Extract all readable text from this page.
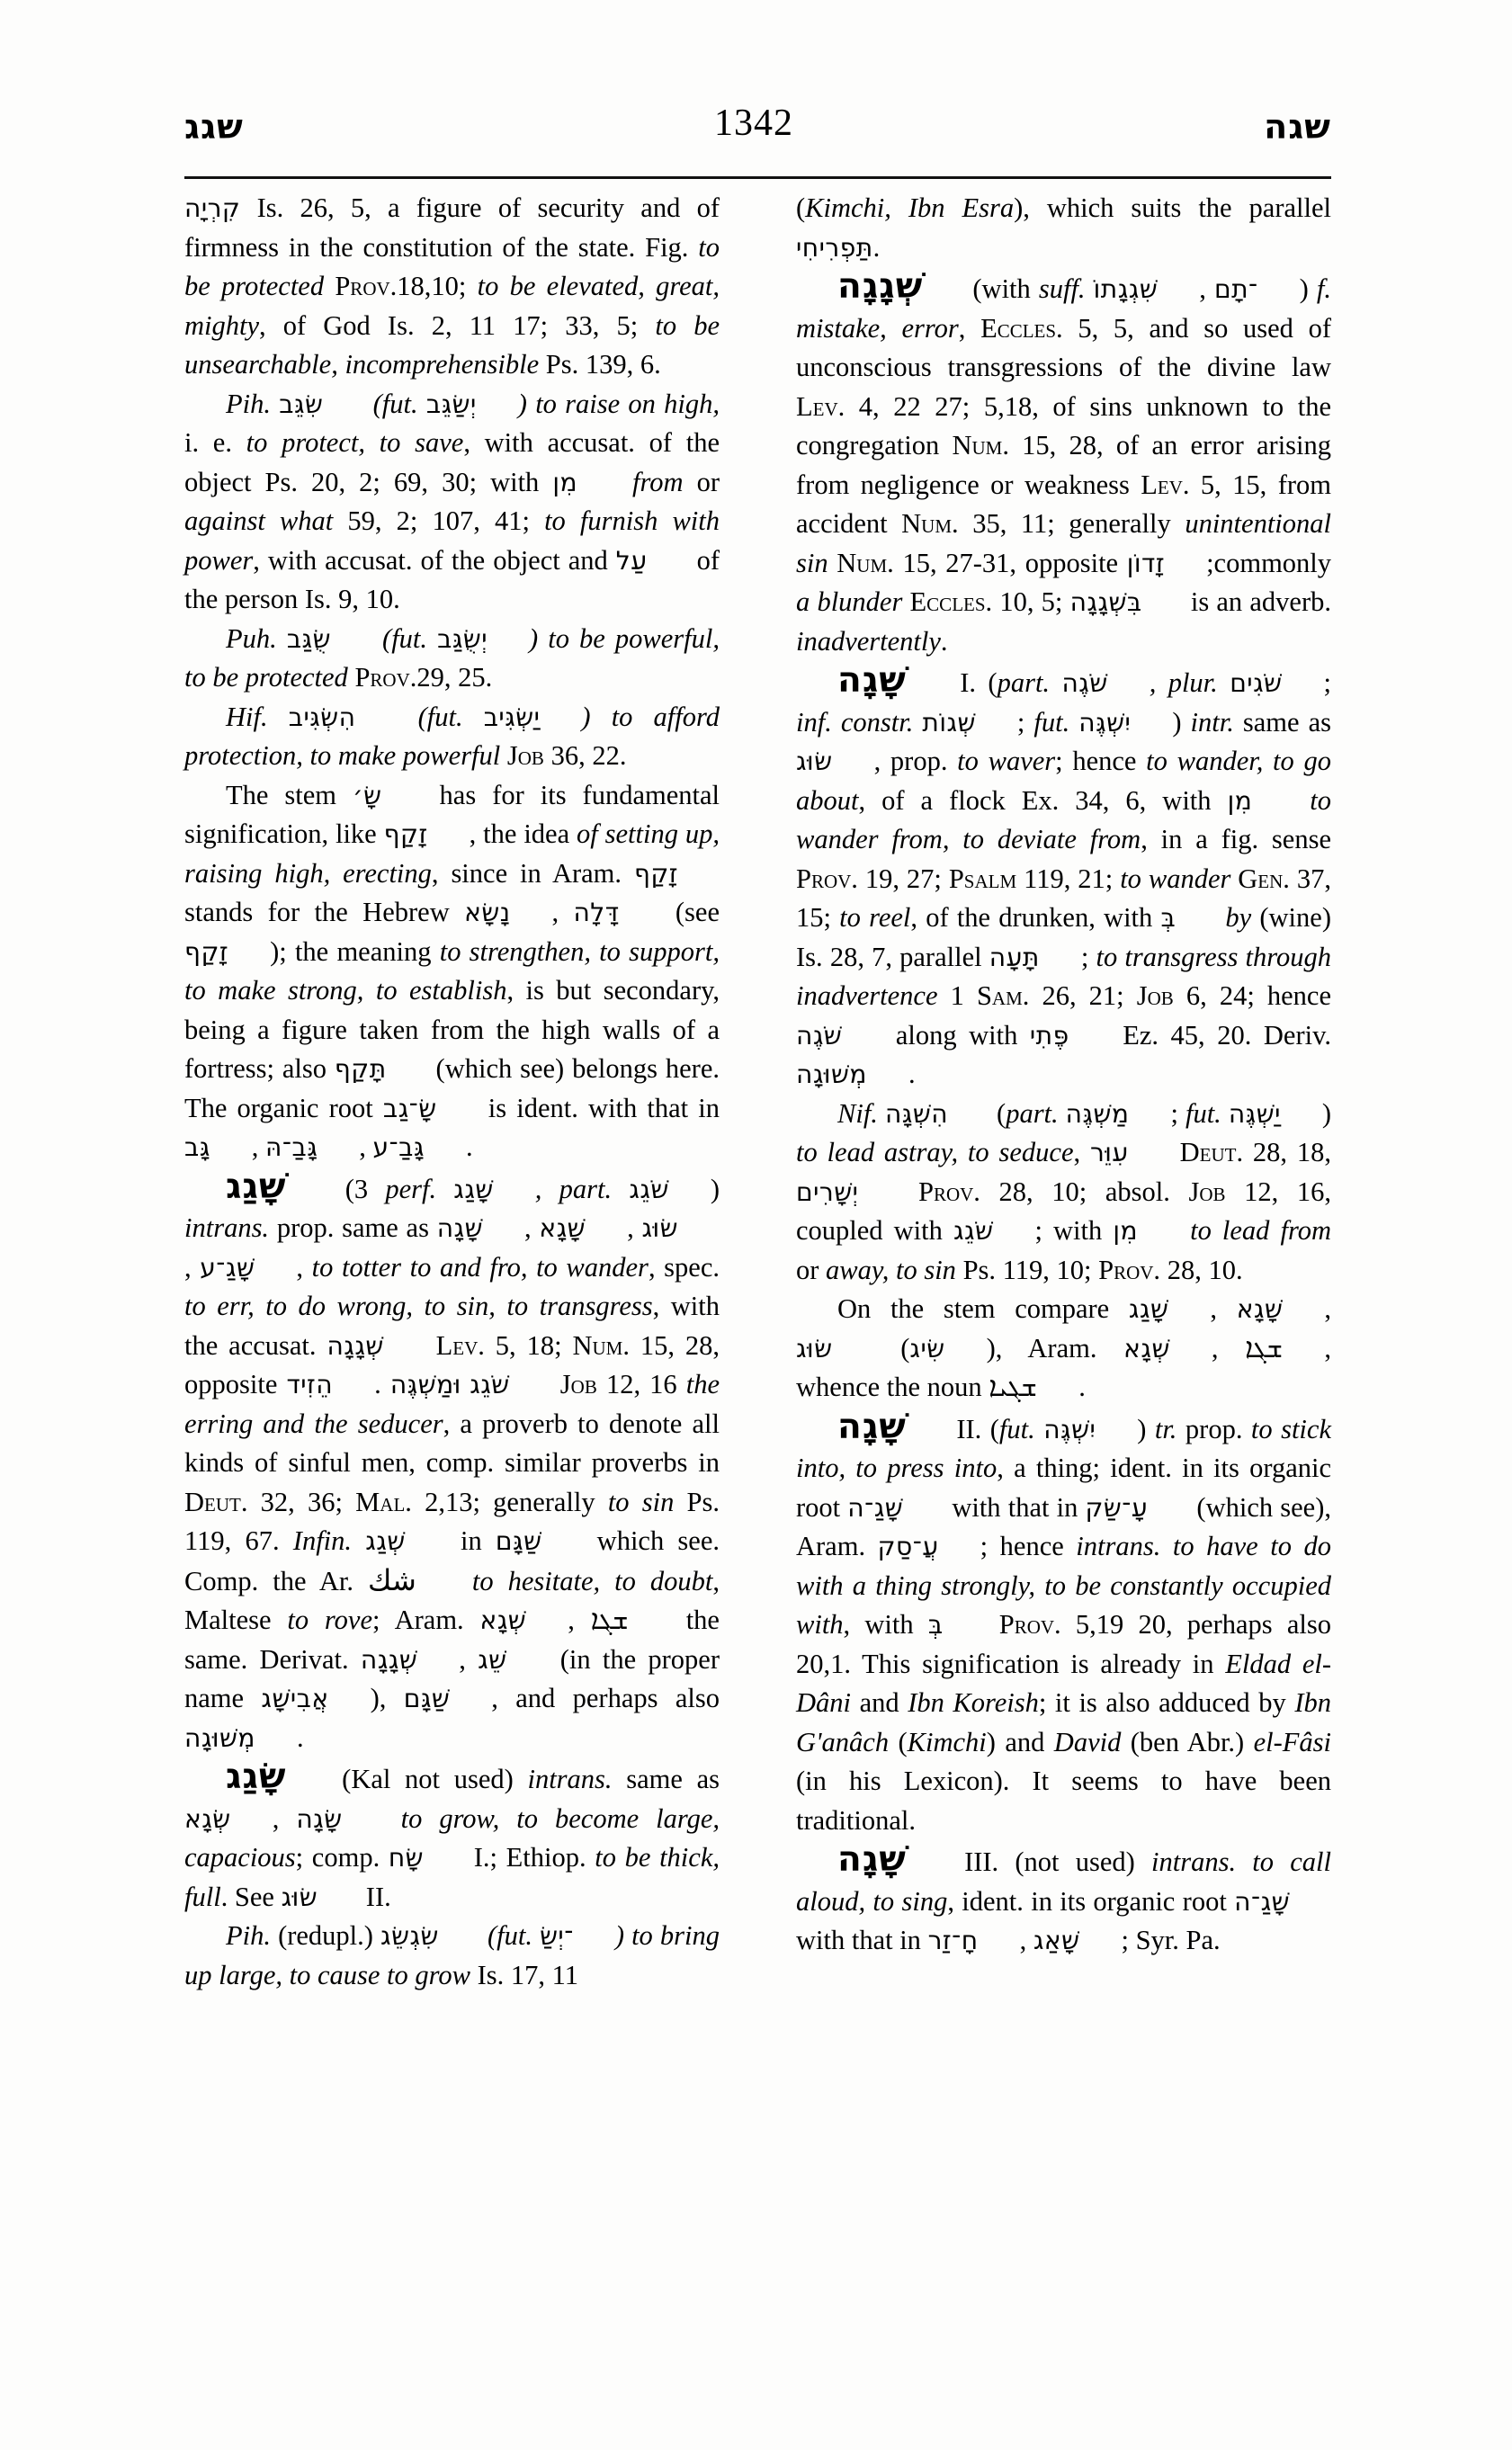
שגג	1342	שגה

קִרְיָה Is. 26, 5, a figure of security and of firmness in the constitution of the state. Fig. to be protected Prov.18,10; to be elevated, great, mighty, of God Is. 2, 11 17; 33, 5; to be unsearchable, incomprehensible Ps. 139, 6.

Pih. שִׂגֵּב (fut. יְשַׂגֵּב ) to raise on high, i. e. to protect, to save, with accusat. of the object Ps. 20, 2; 69, 30; with מִן from or against what 59, 2; 107, 41; to furnish with power, with accusat. of the object and עַל of the person Is. 9, 10.

Puh. שֻׂגַּב (fut. יְשֻׂגַּב ) to be powerful, to be protected Prov.29, 25.

Hif. הִשְׂגִּיב (fut. יַשְׂגִּיב ) to afford protection, to make powerful Job 36, 22.

The stem שָׂ׳ has for its fundamental signification, like זָקַף , the idea of setting up, raising high, erecting, since in Aram. זָקַף stands for the Hebrew נָשָׂא , דָּלָה (see זָקַף ); the meaning to strengthen, to support, to make strong, to establish, is but secondary, being a figure taken from the high walls of a fortress; also תָּקַף (which see) belongs here. The organic root שָׂ־גַב is ident. with that in גָּב , גָּבַ־הּ , גָּבַ־ע .

שָׁגַג (3 perf. שָׁגַג , part. שֹׁגֵג ) intrans. prop. same as שָׁגָה , שָׁגָא , שׂוּג, שָׁגַ־ע , to totter to and fro, to wander, spec. to err, to do wrong, to sin, to transgress, with the accusat. שְׁגָגָה Lev. 5, 18; Num. 15, 28, opposite הֵזִיד . שֹׁגֵג וּמַשְׁגֶּה Job 12, 16 the erring and the seducer, a proverb to denote all kinds of sinful men, comp. similar proverbs in Deut. 32, 36; Mal. 2,13; generally to sin Ps. 119, 67. Infin. שְׁגַג in שַׁגָּם which see. Comp. the Ar. شك to hesitate, to doubt, Maltese to rove; Aram. שְׁגָא , ܫܓܐ the same. Derivat. שְׁגָגָה , שֵׁג (in the proper name אֲבִישָׁג ), שַׁגָּם , and perhaps also מְשׁוּגָה .

שָׂגַג (Kal not used) intrans. same as שְׂגָא , שָׂגָה to grow, to become large, capacious; comp. שָׂח I.; Ethiop. to be thick, full. See שׂוּג II.

Pih. (redupl.) שִׂגְשֵׂג (fut. ־יְשַׂ ) to bring up large, to cause to grow Is. 17, 11

(Kimchi, Ibn Esra), which suits the parallel תַּפְרִיחִי.

שְׁגָגָה (with suff. שִׁגְגָתוֹ , ־תָם ) f. mistake, error, Eccles. 5, 5, and so used of unconscious transgressions of the divine law Lev. 4, 22 27; 5,18, of sins unknown to the congregation Num. 15, 28, of an error arising from negligence or weakness Lev. 5, 15, from accident Num. 35, 11; generally unintentional sin Num. 15, 27-31, opposite זָדוֹן ;commonly a blunder Eccles. 10, 5; בִּשְׁגָגָה is an adverb. inadvertently.

שָׁגָה I. (part. שֹׁגֶה , plur. שֹׁגִים ; inf. constr. שְׁגוֹת ; fut. יִשְׁגֶּה ) intr. same as שׂוּג , prop. to waver; hence to wander, to go about, of a flock Ex. 34, 6, with מִן to wander from, to deviate from, in a fig. sense Prov. 19, 27; Psalm 119, 21; to wander Gen. 37, 15; to reel, of the drunken, with בְּ by (wine) Is. 28, 7, parallel תָּעָה ; to transgress through inadvertence 1 Sam. 26, 21; Job 6, 24; hence שֹׁגֶה along with פֶּתִי Ez. 45, 20. Deriv. מְשׁוּגָה .

Nif. הִשְׁגָּה (part. מַשְׁגֶּה ; fut. יַשְׁגֶּה ) to lead astray, to seduce, עִוֵּר Deut. 28, 18, יְשָׁרִים Prov. 28, 10; absol. Job 12, 16, coupled with שֹׁגֵג ; with מִן to lead from or away, to sin Ps. 119, 10; Prov. 28, 10.

On the stem compare שָׁגַג , שָׁגָא , שׂוּג (שִׂיג ), Aram. שְׁגָא , ܫܓܐ , whence the noun ܫܓܝܐ .

שָׁגָה II. (fut. יִשְׁגֶּה ) tr. prop. to stick into, to press into, a thing; ident. in its organic root שָׁגַ־ה with that in עָ־שַׂק (which see), Aram. עֲ־סַק ; hence intrans. to have to do with a thing strongly, to be constantly occupied with, with בְּ Prov. 5,19 20, perhaps also 20,1. This signification is already in Eldad el-Dâni and Ibn Koreish; it is also adduced by Ibn G'anâch (Kimchi) and David (ben Abr.) el-Fâsi (in his Lexicon). It seems to have been traditional.

שָׁגָה III. (not used) intrans. to call aloud, to sing, ident. in its organic root שָׁגַ־ה with that in חָ־זַר , שָׁאַג ; Syr. Pa.
